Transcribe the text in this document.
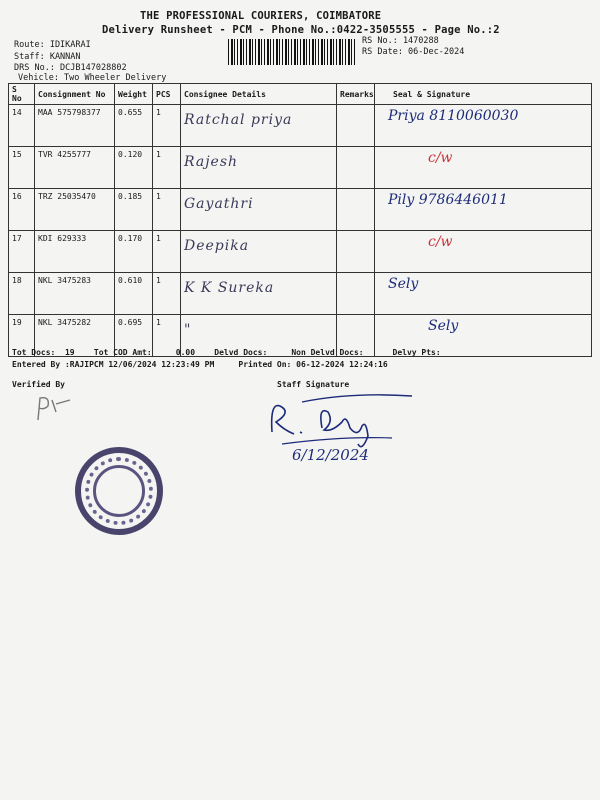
THE PROFESSIONAL COURIERS, COIMBATORE
Delivery Runsheet - PCM - Phone No.:0422-3505555 - Page No.:2
Route: IDIKARAI
Staff: KANNAN
DRS No.: DCJB147028802
Vehicle: Two Wheeler Delivery
RS No.: 1470288
RS Date: 06-Dec-2024
S No	Consignment No	Weight	PCS	Consignee Details	Remarks	Seal & Signature
14	MAA 575798377	0.655	1	Ratchal priya		Priya 8110060030

15	TVR 4255777	0.120	1	Rajesh		c/w

16	TRZ 25035470	0.185	1	Gayathri		Pily 9786446011

17	KDI 629333	0.170	1	Deepika		c/w

18	NKL 3475283	0.610	1	K K Sureka		Sely

19	NKL 3475282	0.695	1	"		Sely
Tot Docs:  19    Tot COD Amt:     0.00    Delvd Docs:     Non Delvd Docs:      Delvy Pts:
Entered By :RAJIPCM 12/06/2024 12:23:49 PM     Printed On: 06-12-2024 12:24:16
Verified By	Staff Signature
6/12/2024
